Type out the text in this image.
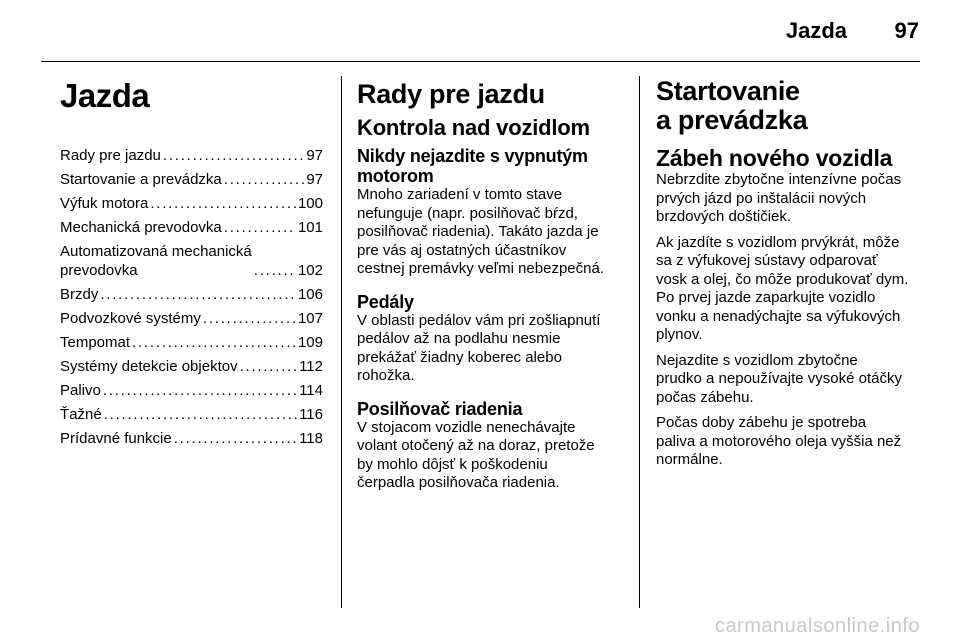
Jazda 97
Jazda
Rady pre jazdu . . .	97
Startovanie a prevádzka . . .	97
Výfuk motora . . .	100
Mechanická prevodovka . . .	101
Automatizovaná mechanická
prevodovka . . .	102
Brzdy . . .	106
Podvozkové systémy . . .	107
Tempomat . . .	109
Systémy detekcie objektov . . .	112
Palivo . . .	114
Ťažné . . .	116
Prídavné funkcie . . .	118
Rady pre jazdu
Kontrola nad vozidlom
Nikdy nejazdite s vypnutým motorom

Mnoho zariadení v tomto stave
nefunguje (napr. posilňovač bŕzd,
posilňovač riadenia). Takáto jazda je
pre vás aj ostatných účastníkov
cestnej premávky veľmi nebezpečná.

Pedály

V oblasti pedálov vám pri zošliapnutí
pedálov až na podlahu nesmie
prekážať žiadny koberec alebo
rohožka.

Posilňovač riadenia

V stojacom vozidle nenechávajte
volant otočený až na doraz, pretože
by mohlo dôjsť k poškodeniu
čerpadla posilňovača riadenia.

Startovanie
a prevádzka
Zábeh nového vozidla

Nebrzdite zbytočne intenzívne počas
prvých jázd po inštalácii nových
brzdových doštičiek.

Ak jazdíte s vozidlom prvýkrát, môže
sa z výfukovej sústavy odparovať
vosk a olej, čo môže produkovať dym.
Po prvej jazde zaparkujte vozidlo
vonku a nenadýchajte sa výfukových
plynov.

Nejazdite s vozidlom zbytočne
prudko a nepoužívajte vysoké otáčky
počas zábehu.

Počas doby zábehu je spotreba
paliva a motorového oleja vyššia než
normálne.

carmanualsonline.info
